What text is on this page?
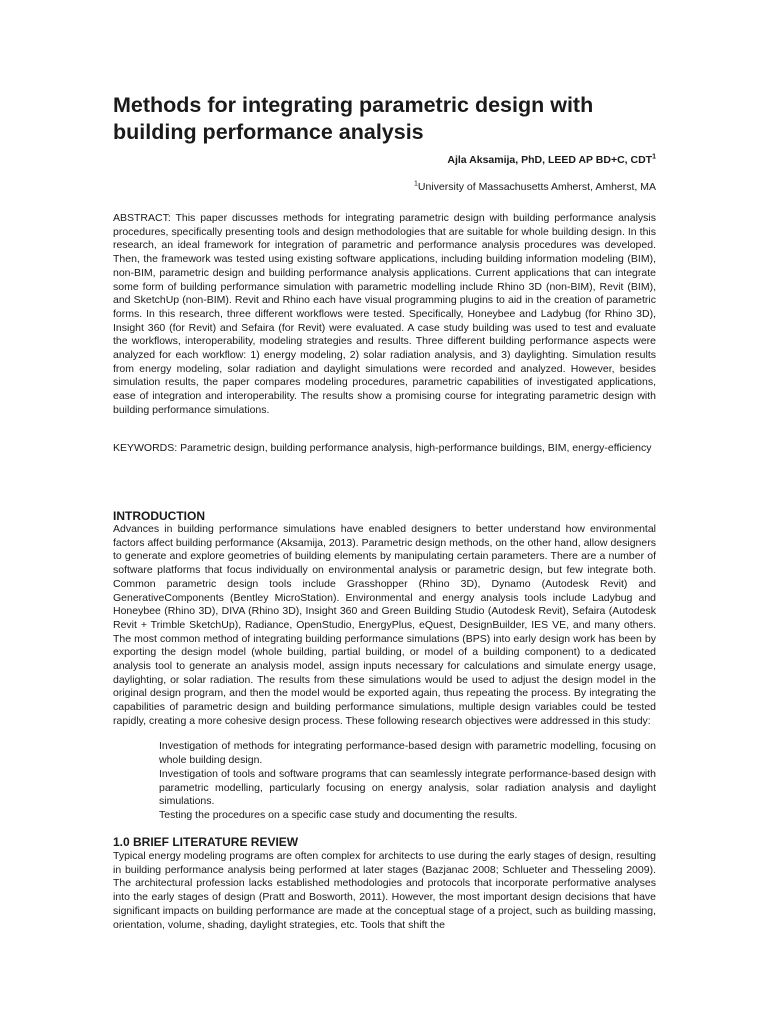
Methods for integrating parametric design with building performance analysis
Ajla Aksamija, PhD, LEED AP BD+C, CDT$^1$
$^1$University of Massachusetts Amherst, Amherst, MA

ABSTRACT: This paper discusses methods for integrating parametric design with building performance analysis procedures, specifically presenting tools and design methodologies that are suitable for whole building design. In this research, an ideal framework for integration of parametric and performance analysis procedures was developed. Then, the framework was tested using existing software applications, including building information modeling (BIM), non-BIM, parametric design and building performance analysis applications. Current applications that can integrate some form of building performance simulation with parametric modelling include Rhino 3D (non-BIM), Revit (BIM), and SketchUp (non-BIM). Revit and Rhino each have visual programming plugins to aid in the creation of parametric forms. In this research, three different workflows were tested. Specifically, Honeybee and Ladybug (for Rhino 3D), Insight 360 (for Revit) and Sefaira (for Revit) were evaluated. A case study building was used to test and evaluate the workflows, interoperability, modeling strategies and results. Three different building performance aspects were analyzed for each workflow: 1) energy modeling, 2) solar radiation analysis, and 3) daylighting. Simulation results from energy modeling, solar radiation and daylight simulations were recorded and analyzed. However, besides simulation results, the paper compares modeling procedures, parametric capabilities of investigated applications, ease of integration and interoperability. The results show a promising course for integrating parametric design with building performance simulations.

KEYWORDS: Parametric design, building performance analysis, high-performance buildings, BIM, energy-efficiency

INTRODUCTION

Advances in building performance simulations have enabled designers to better understand how environmental factors affect building performance (Aksamija, 2013). Parametric design methods, on the other hand, allow designers to generate and explore geometries of building elements by manipulating certain parameters. There are a number of software platforms that focus individually on environmental analysis or parametric design, but few integrate both. Common parametric design tools include Grasshopper (Rhino 3D), Dynamo (Autodesk Revit) and GenerativeComponents (Bentley MicroStation). Environmental and energy analysis tools include Ladybug and Honeybee (Rhino 3D), DIVA (Rhino 3D), Insight 360 and Green Building Studio (Autodesk Revit), Sefaira (Autodesk Revit + Trimble SketchUp), Radiance, OpenStudio, EnergyPlus, eQuest, DesignBuilder, IES VE, and many others. The most common method of integrating building performance simulations (BPS) into early design work has been by exporting the design model (whole building, partial building, or model of a building component) to a dedicated analysis tool to generate an analysis model, assign inputs necessary for calculations and simulate energy usage, daylighting, or solar radiation. The results from these simulations would be used to adjust the design model in the original design program, and then the model would be exported again, thus repeating the process. By integrating the capabilities of parametric design and building performance simulations, multiple design variables could be tested rapidly, creating a more cohesive design process. These following research objectives were addressed in this study:

Investigation of methods for integrating performance-based design with parametric modelling, focusing on whole building design.

Investigation of tools and software programs that can seamlessly integrate performance-based design with parametric modelling, particularly focusing on energy analysis, solar radiation analysis and daylight simulations.

Testing the procedures on a specific case study and documenting the results.

1.0 BRIEF LITERATURE REVIEW

Typical energy modeling programs are often complex for architects to use during the early stages of design, resulting in building performance analysis being performed at later stages (Bazjanac 2008; Schlueter and Thesseling 2009). The architectural profession lacks established methodologies and protocols that incorporate performative analyses into the early stages of design (Pratt and Bosworth, 2011). However, the most important design decisions that have significant impacts on building performance are made at the conceptual stage of a project, such as building massing, orientation, volume, shading, daylight strategies, etc. Tools that shift the
